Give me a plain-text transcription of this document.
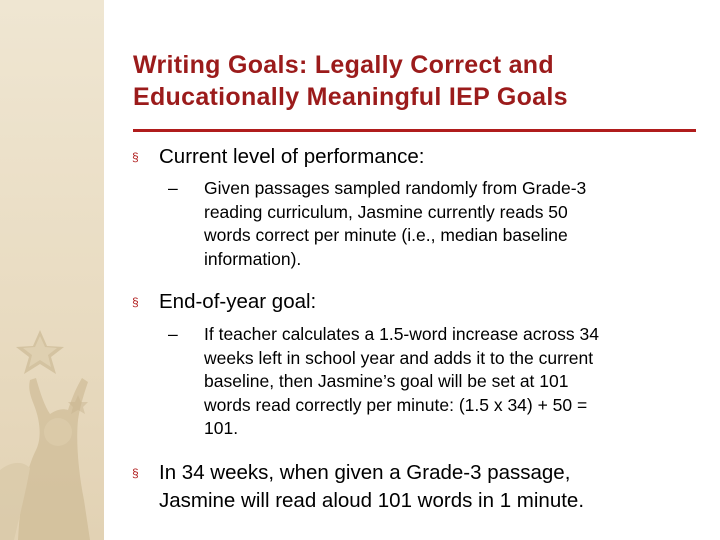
Writing Goals: Legally Correct and
Educationally Meaningful IEP Goals
§ Current level of performance:
– Given passages sampled randomly from Grade-3
reading curriculum, Jasmine currently reads 50
words correct per minute (i.e., median baseline
information).
§ End-of-year goal:
– If teacher calculates a 1.5-word increase across 34
weeks left in school year and adds it to the current
baseline, then Jasmine’s goal will be set at 101
words read correctly per minute: (1.5 x 34) + 50 =
101.
§ In 34 weeks, when given a Grade-3 passage,
Jasmine will read aloud 101 words in 1 minute.
